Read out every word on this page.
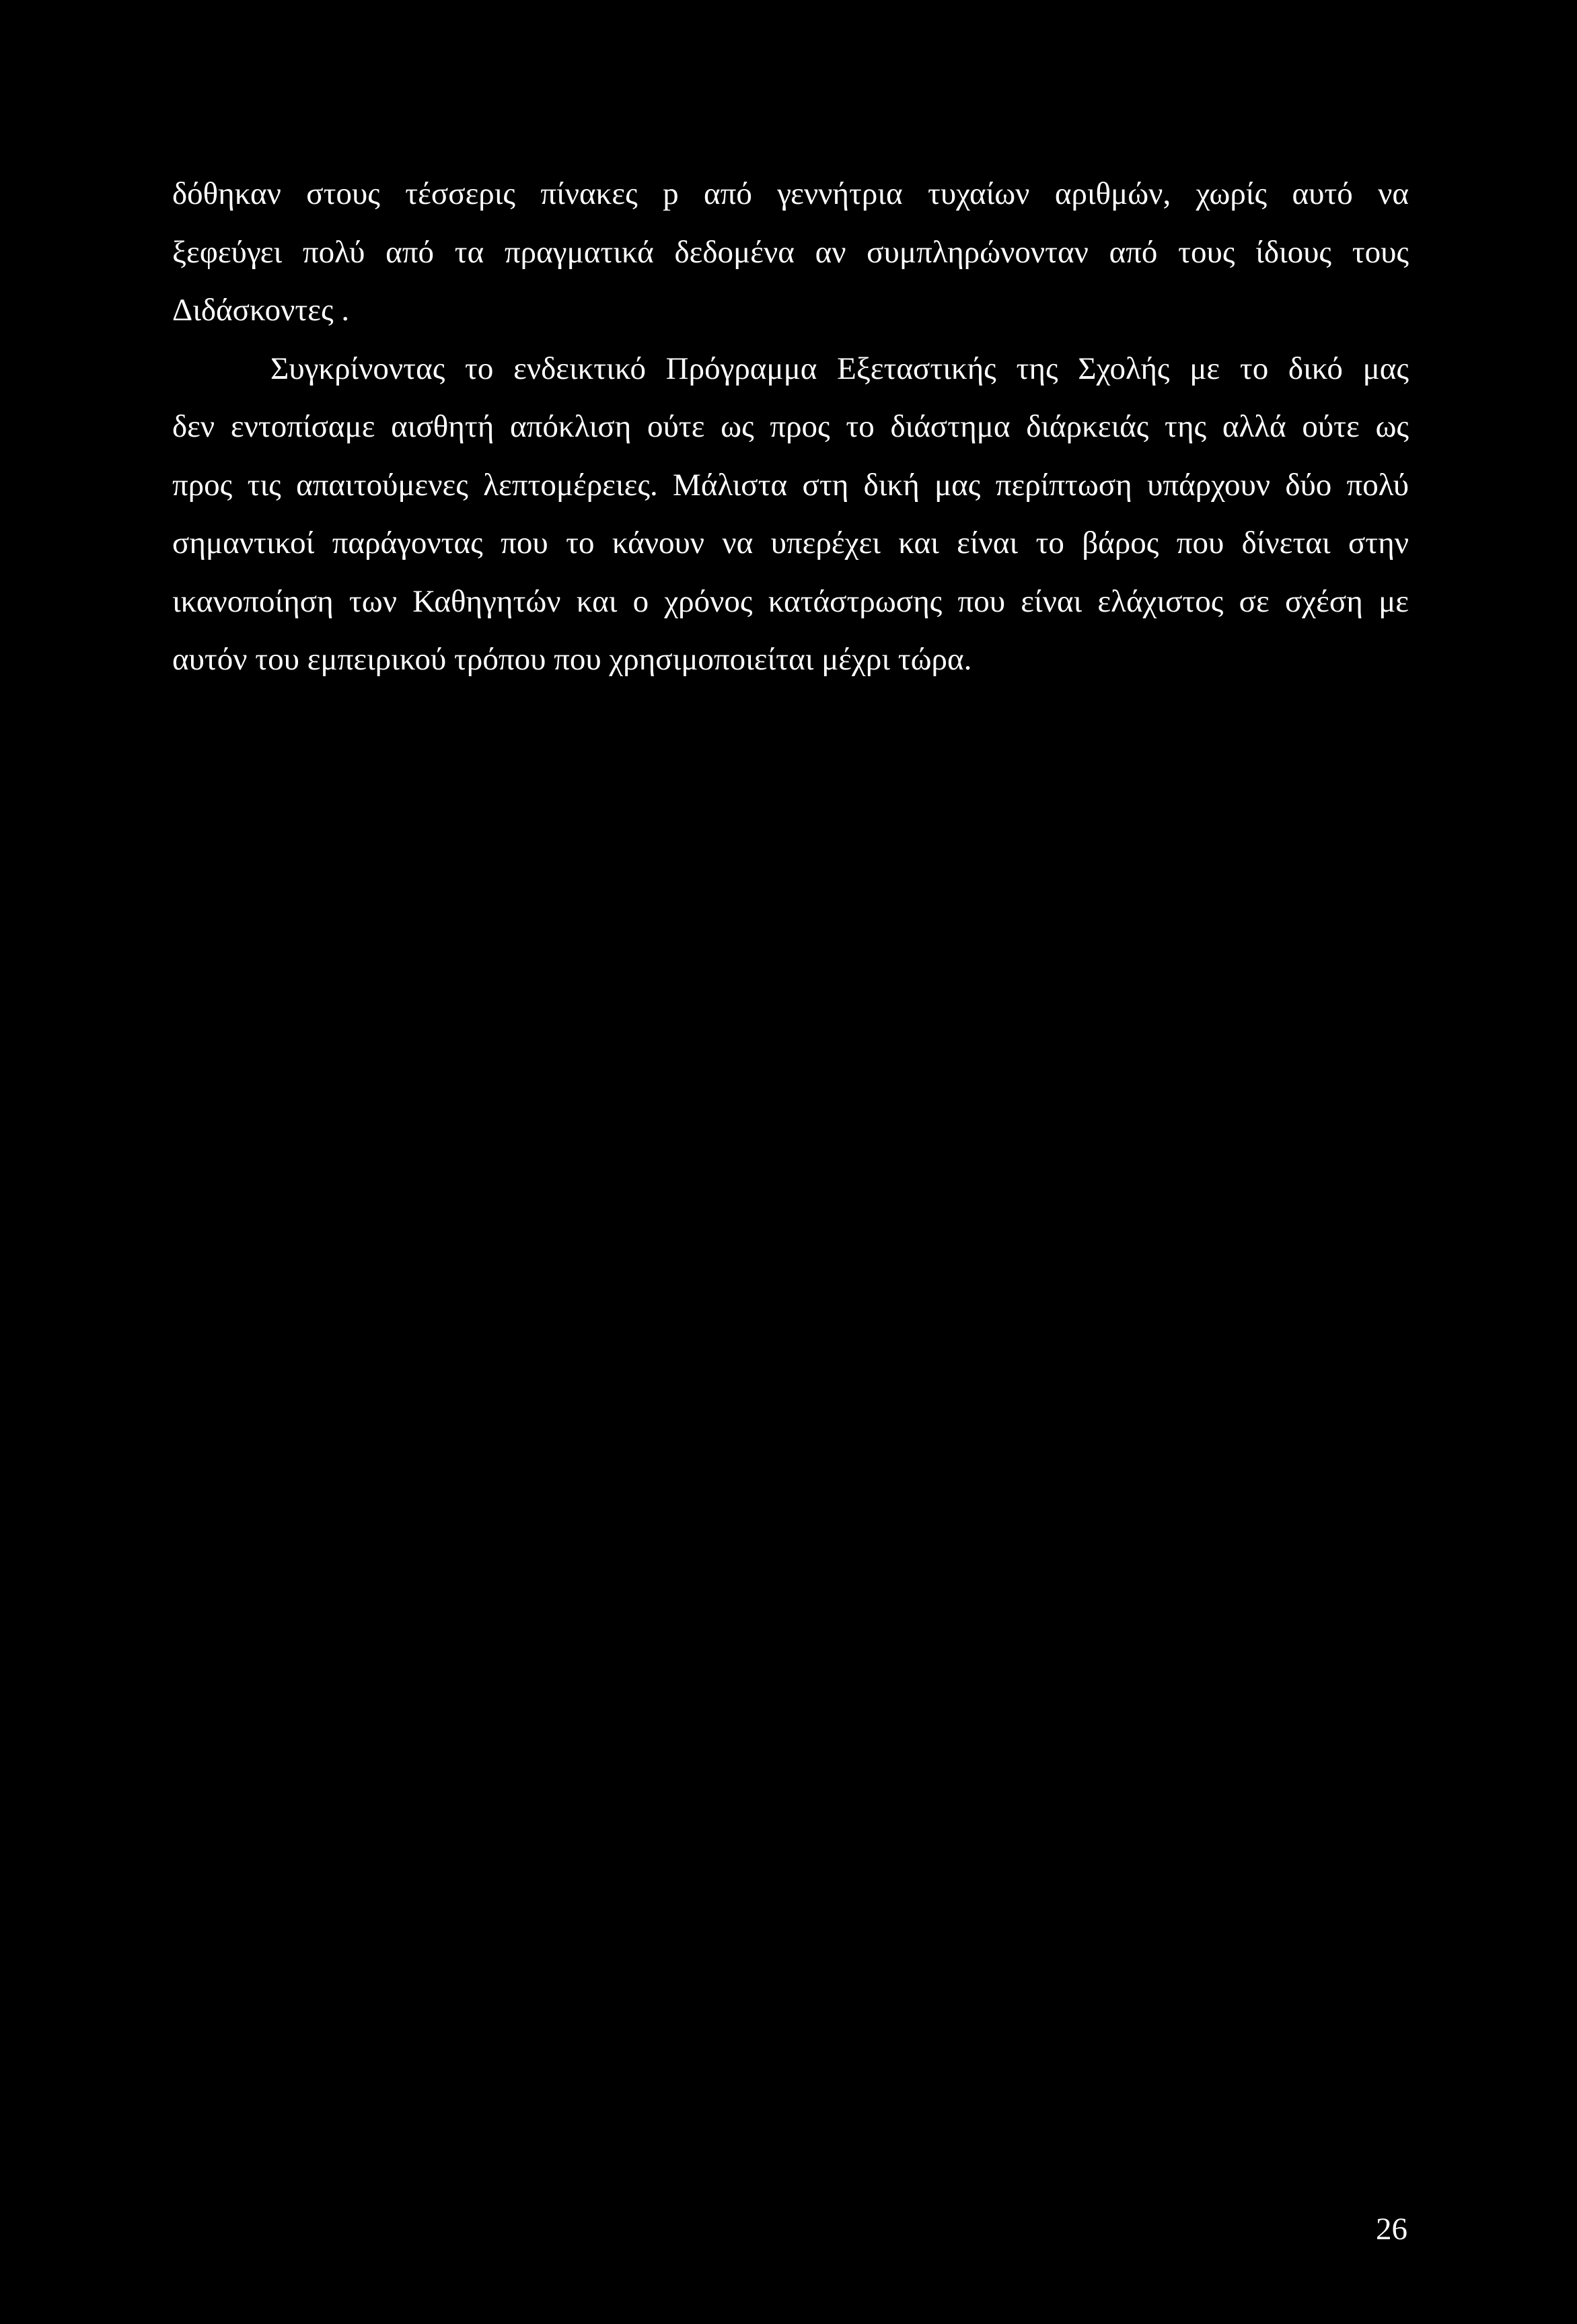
δόθηκαν στους τέσσερις πίνακες p από γεννήτρια τυχαίων αριθμών, χωρίς αυτό να
ξεφεύγει πολύ από τα πραγματικά δεδομένα αν συμπληρώνονταν από τους ίδιους τους
Διδάσκοντες .
Συγκρίνοντας το ενδεικτικό Πρόγραμμα Εξεταστικής της Σχολής με το δικό μας
δεν εντοπίσαμε αισθητή απόκλιση ούτε ως προς το διάστημα διάρκειάς της αλλά ούτε ως
προς τις απαιτούμενες λεπτομέρειες. Μάλιστα στη δική μας περίπτωση υπάρχουν δύο πολύ
σημαντικοί παράγοντας που το κάνουν να υπερέχει και είναι το βάρος που δίνεται στην
ικανοποίηση των Καθηγητών και ο χρόνος κατάστρωσης που είναι ελάχιστος σε σχέση με
αυτόν του εμπειρικού τρόπου που χρησιμοποιείται μέχρι τώρα.
26
